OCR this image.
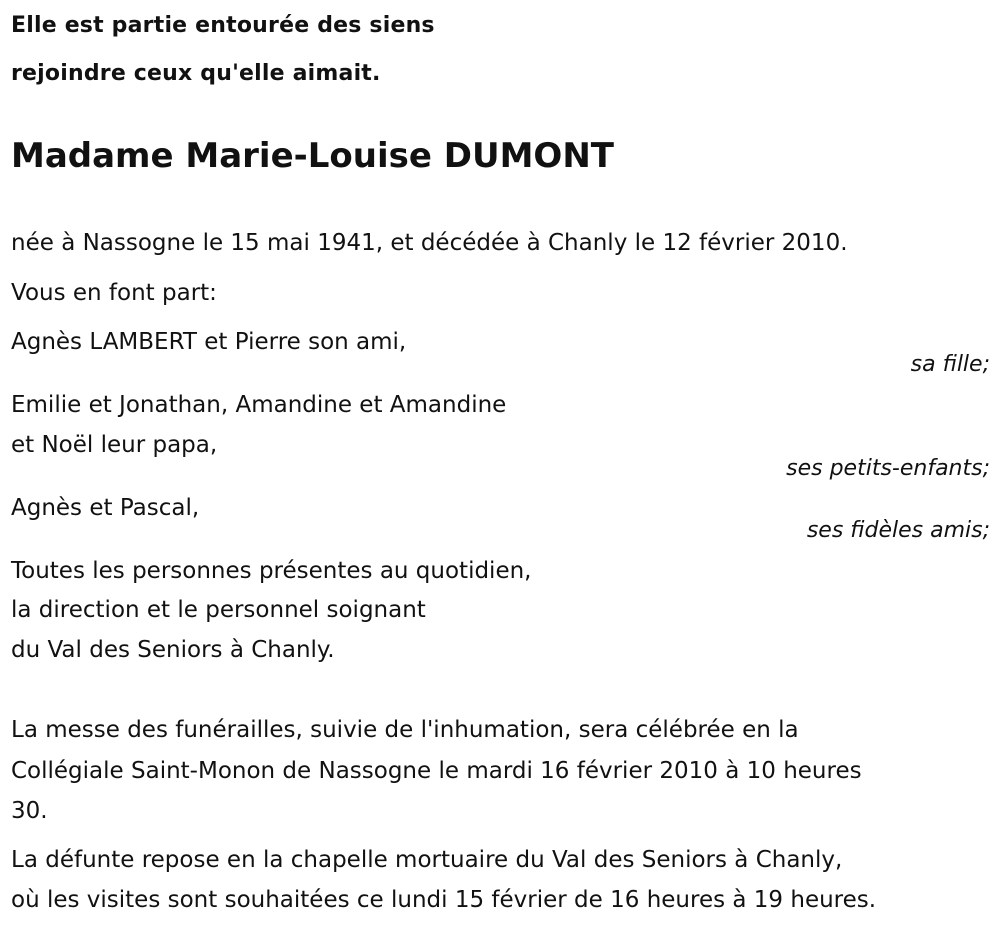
Elle est partie entourée des siens
rejoindre ceux qu'elle aimait.
Madame Marie-Louise DUMONT
née à Nassogne le 15 mai 1941, et décédée à Chanly le 12 février 2010.
Vous en font part:
Agnès LAMBERT et Pierre son ami,
sa fille;
Emilie et Jonathan, Amandine et Amandine
et Noël leur papa,
ses petits-enfants;
Agnès et Pascal,
ses fidèles amis;
Toutes les personnes présentes au quotidien,
la direction et le personnel soignant
du Val des Seniors à Chanly.
La messe des funérailles, suivie de l'inhumation, sera célébrée en la
Collégiale Saint-Monon de Nassogne le mardi 16 février 2010 à 10 heures
30.
La défunte repose en la chapelle mortuaire du Val des Seniors à Chanly,
où les visites sont souhaitées ce lundi 15 février de 16 heures à 19 heures.
